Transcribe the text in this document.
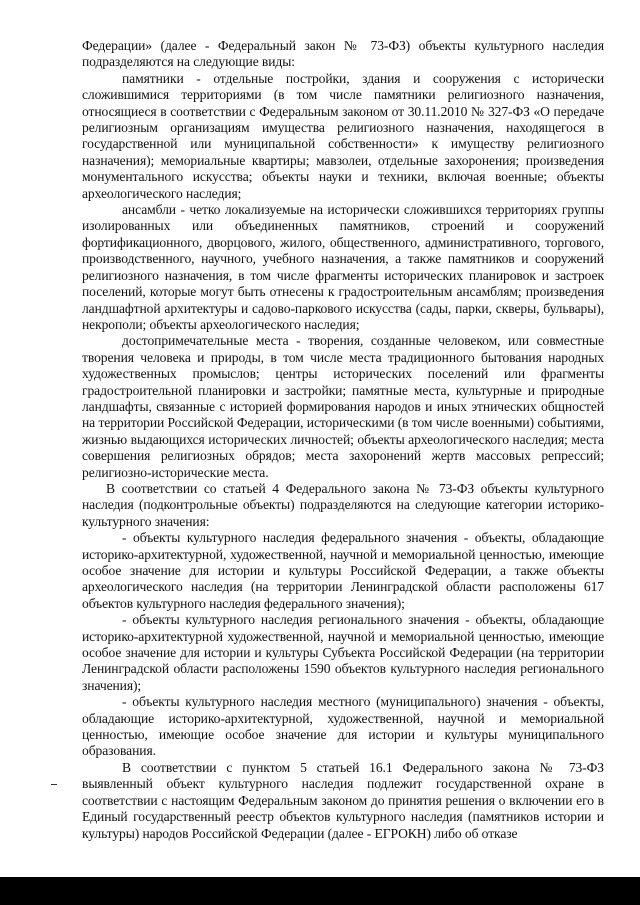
Федерации» (далее - Федеральный закон № 73-ФЗ) объекты культурного наследия подразделяются на следующие виды:

памятники - отдельные постройки, здания и сооружения с исторически сложившимися территориями (в том числе памятники религиозного назначения, относящиеся в соответствии с Федеральным законом от 30.11.2010 № 327-ФЗ «О передаче религиозным организациям имущества религиозного назначения, находящегося в государственной или муниципальной собственности» к имуществу религиозного назначения); мемориальные квартиры; мавзолеи, отдельные захоронения; произведения монументального искусства; объекты науки и техники, включая военные; объекты археологического наследия;

ансамбли - четко локализуемые на исторически сложившихся территориях группы изолированных или объединенных памятников, строений и сооружений фортификационного, дворцового, жилого, общественного, административного, торгового, производственного, научного, учебного назначения, а также памятников и сооружений религиозного назначения, в том числе фрагменты исторических планировок и застроек поселений, которые могут быть отнесены к градостроительным ансамблям; произведения ландшафтной архитектуры и садово-паркового искусства (сады, парки, скверы, бульвары), некрополи; объекты археологического наследия;

достопримечательные места - творения, созданные человеком, или совместные творения человека и природы, в том числе места традиционного бытования народных художественных промыслов; центры исторических поселений или фрагменты градостроительной планировки и застройки; памятные места, культурные и природные ландшафты, связанные с историей формирования народов и иных этнических общностей на территории Российской Федерации, историческими (в том числе военными) событиями, жизнью выдающихся исторических личностей; объекты археологического наследия; места совершения религиозных обрядов; места захоронений жертв массовых репрессий; религиозно-исторические места.

В соответствии со статьей 4 Федерального закона № 73-ФЗ объекты культурного наследия (подконтрольные объекты) подразделяются на следующие категории историко-культурного значения:

- объекты культурного наследия федерального значения - объекты, обладающие историко-архитектурной, художественной, научной и мемориальной ценностью, имеющие особое значение для истории и культуры Российской Федерации, а также объекты археологического наследия (на территории Ленинградской области расположены 617 объектов культурного наследия федерального значения);

- объекты культурного наследия регионального значения - объекты, обладающие историко-архитектурной художественной, научной и мемориальной ценностью, имеющие особое значение для истории и культуры Субъекта Российской Федерации (на территории Ленинградской области расположены 1590 объектов культурного наследия регионального значения);

- объекты культурного наследия местного (муниципального) значения - объекты, обладающие историко-архитектурной, художественной, научной и мемориальной ценностью, имеющие особое значение для истории и культуры муниципального образования.

В соответствии с пунктом 5 статьей 16.1 Федерального закона № 73-ФЗ выявленный объект культурного наследия подлежит государственной охране в соответствии с настоящим Федеральным законом до принятия решения о включении его в Единый государственный реестр объектов культурного наследия (памятников истории и культуры) народов Российской Федерации (далее - ЕГРОКН) либо об отказе
